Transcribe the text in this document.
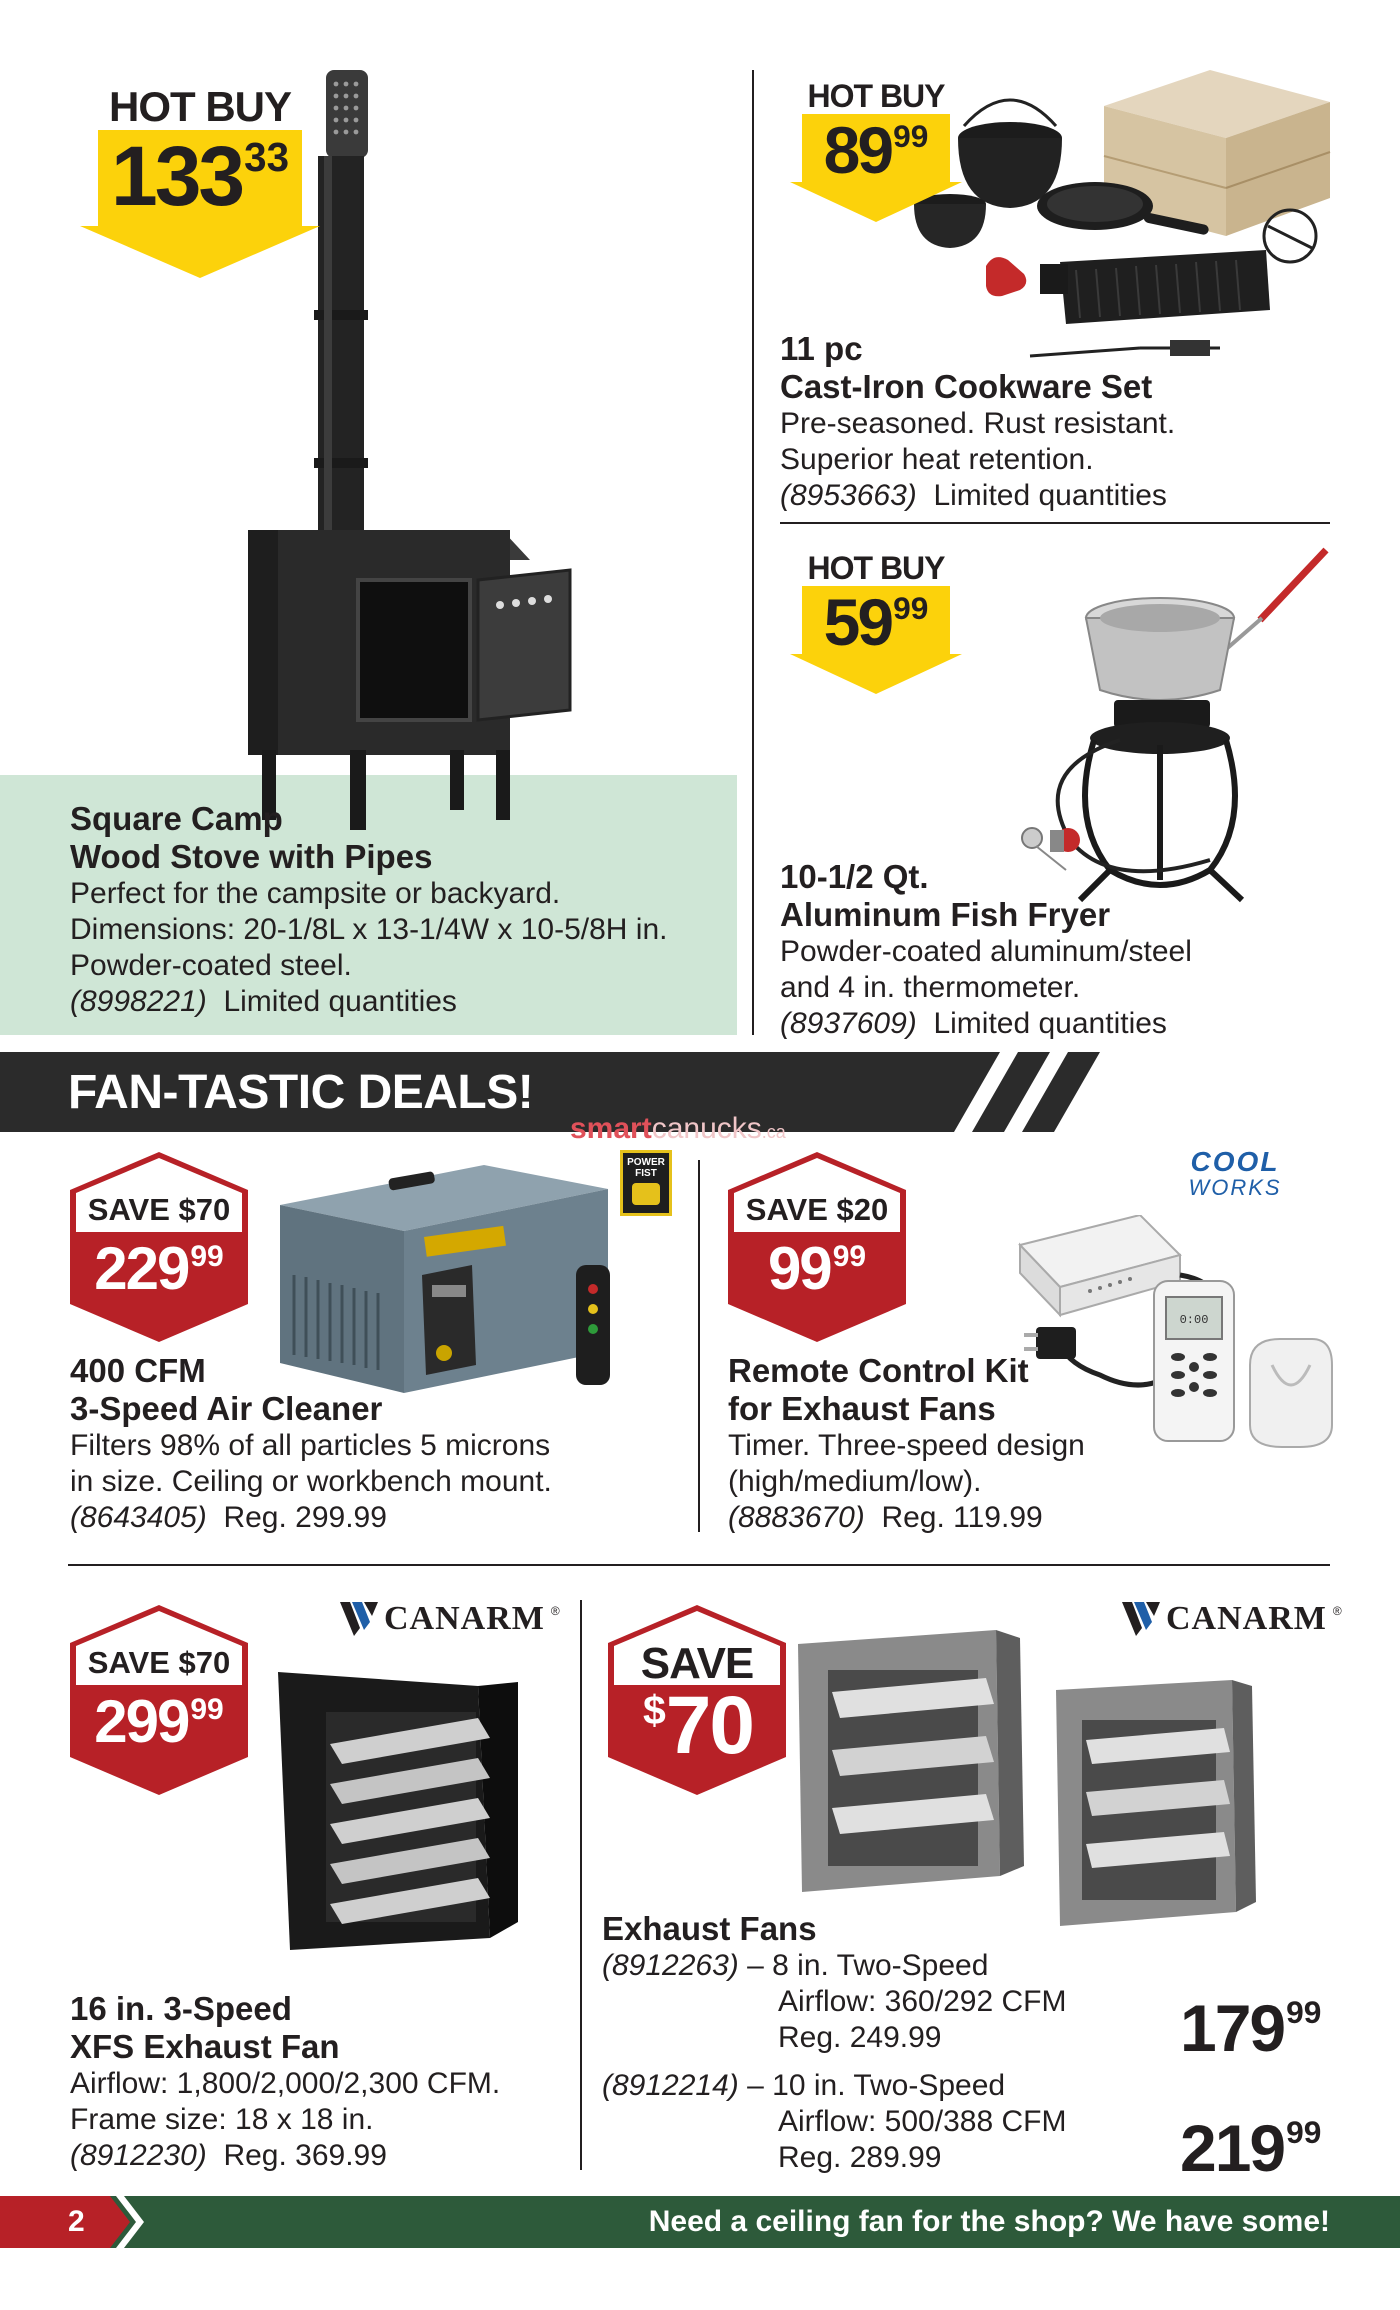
HOT BUY
$133^{33}$
Square Camp
Wood Stove with Pipes
Perfect for the campsite or backyard.
Dimensions: 20-1/8L x 13-1/4W x 10-5/8H in.
Powder-coated steel.
(8998221) Limited quantities
HOT BUY
$89^{99}$
11 pc
Cast-Iron Cookware Set
Pre-seasoned. Rust resistant.
Superior heat retention.
(8953663) Limited quantities
HOT BUY
$59^{99}$
10-1/2 Qt.
Aluminum Fish Fryer
Powder-coated aluminum/steel
and 4 in. thermometer.
(8937609) Limited quantities
FAN-TASTIC DEALS!
smartcanucks.ca
SAVE $70
$229^{99}$
POWER
FIST
400 CFM
3-Speed Air Cleaner
Filters 98% of all particles 5 microns
in size. Ceiling or workbench mount.
(8643405) Reg. 299.99
SAVE $20
$99^{99}$
COOL
WORKS
0:00
Remote Control Kit
for Exhaust Fans
Timer. Three-speed design
(high/medium/low).
(8883670) Reg. 119.99
SAVE $70
$299^{99}$
CANARM ®
16 in. 3-Speed
XFS Exhaust Fan
Airflow: 1,800/2,000/2,300 CFM.
Frame size: 18 x 18 in.
(8912230) Reg. 369.99
SAVE
$70
CANARM ®
Exhaust Fans
(8912263) – 8 in. Two-Speed
Airflow: 360/292 CFM
Reg. 249.99	$179^{99}$
(8912214) – 10 in. Two-Speed
Airflow: 500/388 CFM
Reg. 289.99	$219^{99}$
2	Need a ceiling fan for the shop? We have some!
